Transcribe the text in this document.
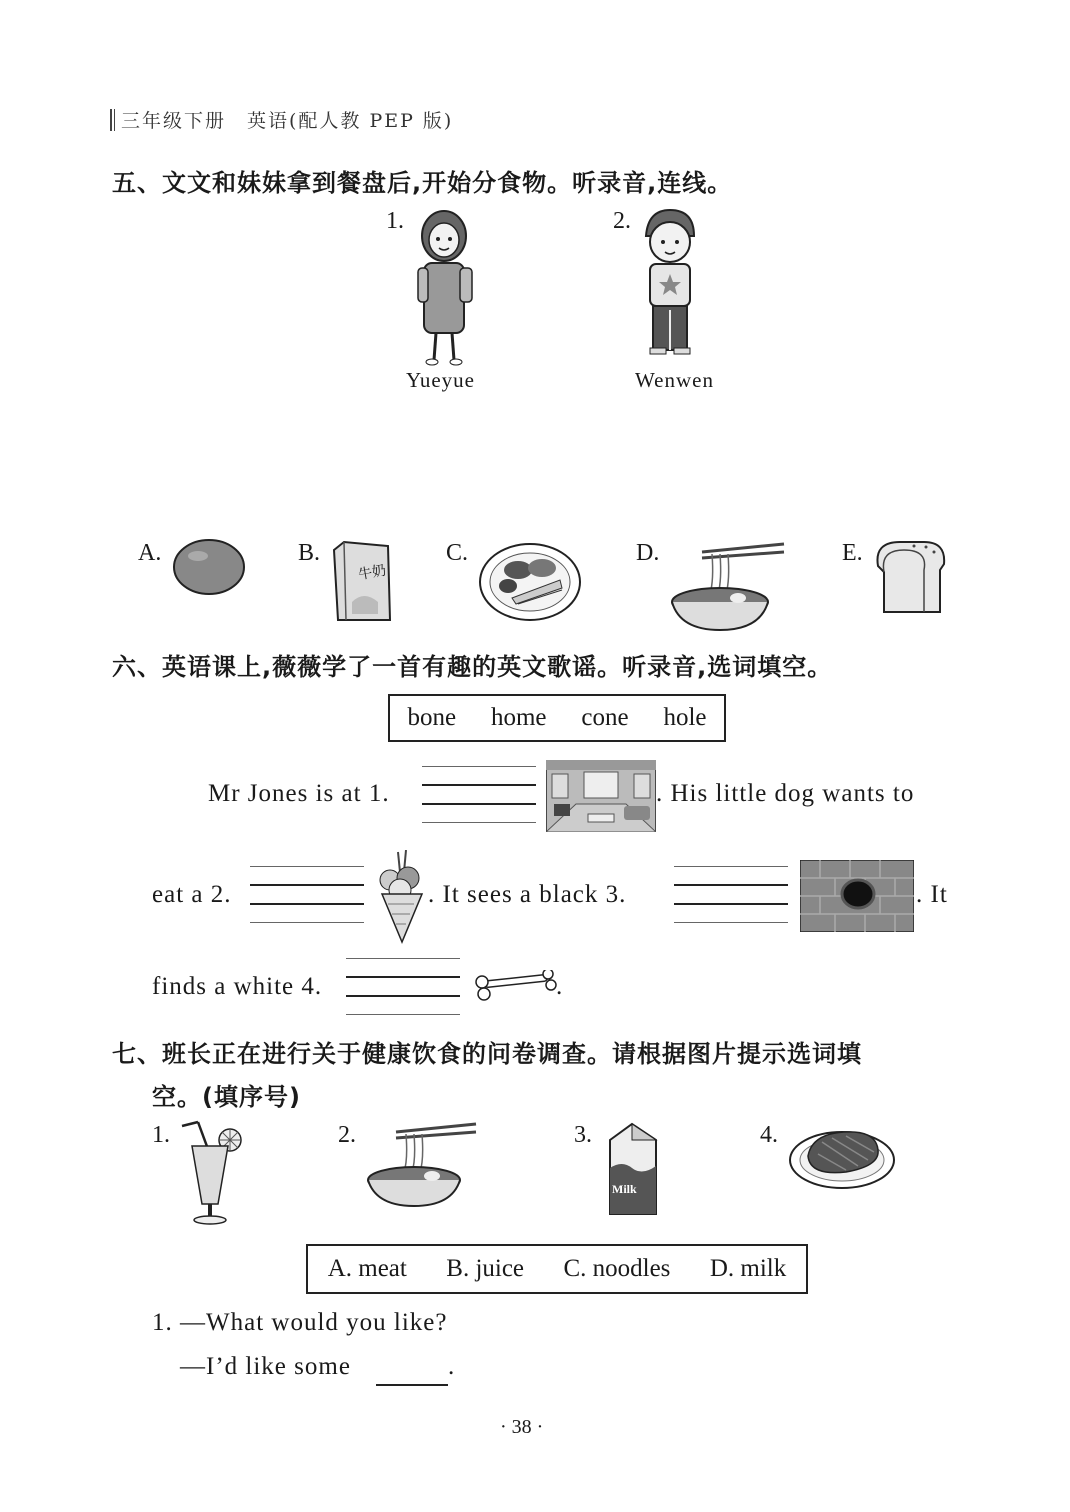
三年级下册　英语(配人教 PEP 版)
五、文文和妹妹拿到餐盘后,开始分食物。听录音,连线。
1.
Yueyue
2.
Wenwen
A.	B.
牛奶
C.	D.	E.
六、英语课上,薇薇学了一首有趣的英文歌谣。听录音,选词填空。
bone home cone hole
Mr Jones is at 1.	. His little dog wants to
eat a 2.	. It sees a black 3.	. It
finds a white 4.	.
七、班长正在进行关于健康饮食的问卷调查。请根据图片提示选词填
空。(填序号)
1.	2.	3.
Milk
4.
A. meat B. juice C. noodles D. milk
1. —What would you like?
—I’d like some	.
· 38 ·
